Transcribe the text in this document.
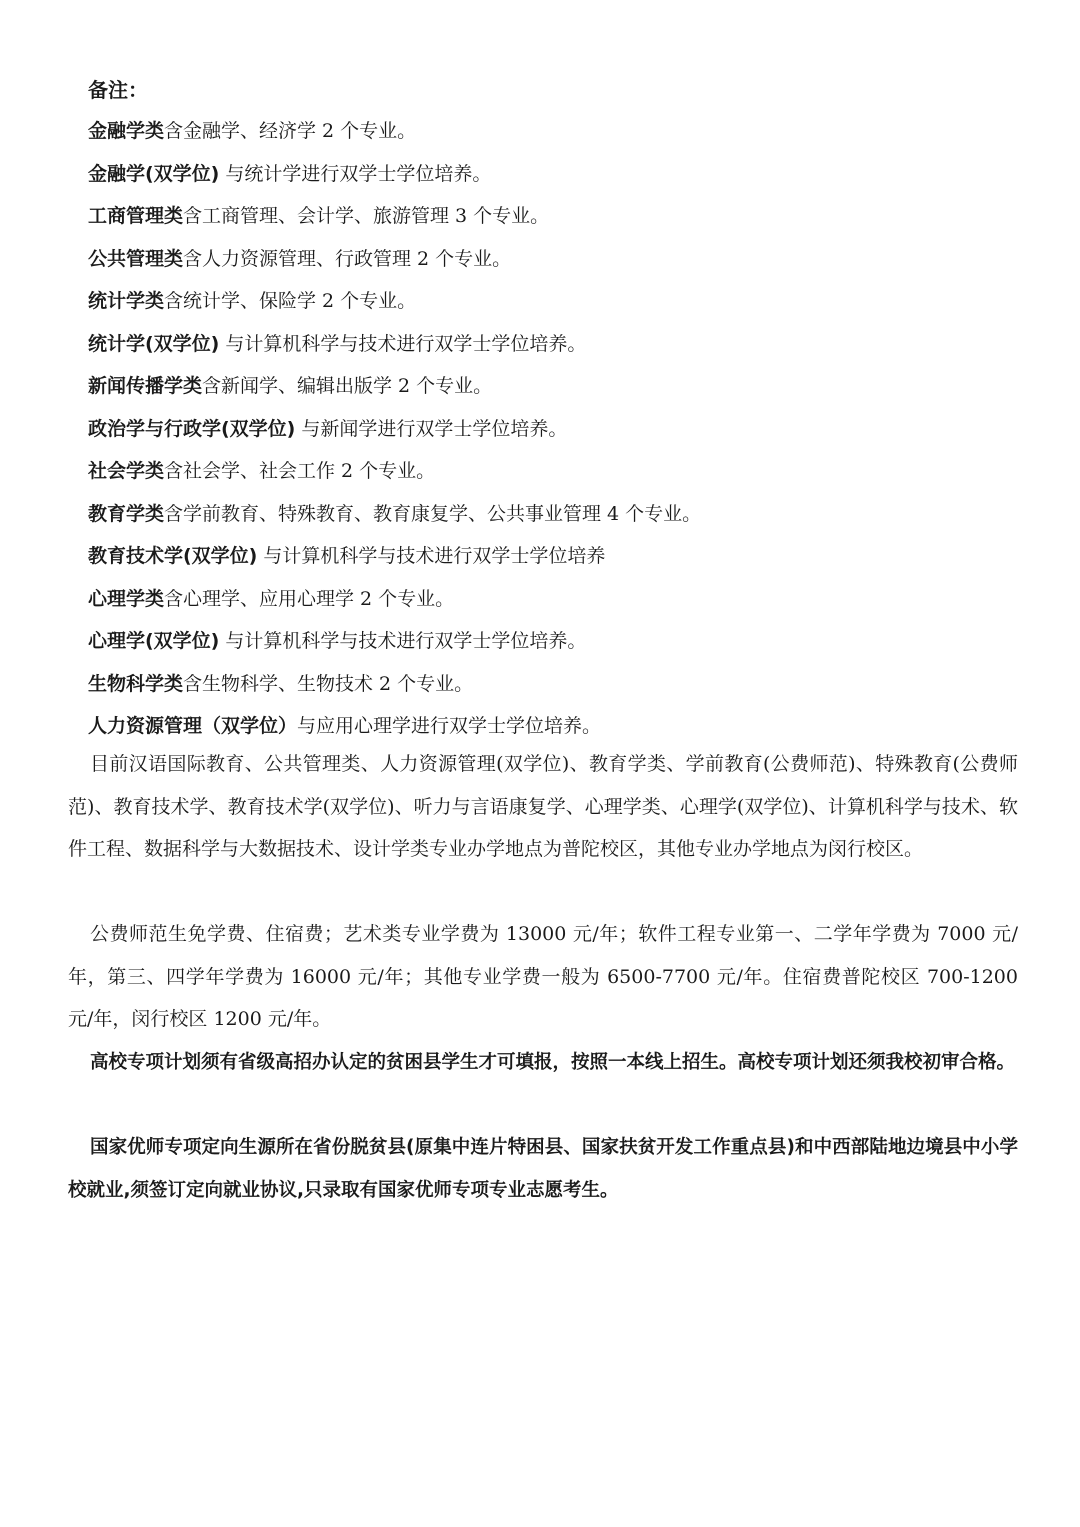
备注：
金融学类含金融学、经济学 2 个专业。
金融学(双学位) 与统计学进行双学士学位培养。
工商管理类含工商管理、会计学、旅游管理 3 个专业。
公共管理类含人力资源管理、行政管理 2 个专业。
统计学类含统计学、保险学 2 个专业。
统计学(双学位) 与计算机科学与技术进行双学士学位培养。
新闻传播学类含新闻学、编辑出版学 2 个专业。
政治学与行政学(双学位) 与新闻学进行双学士学位培养。
社会学类含社会学、社会工作 2 个专业。
教育学类含学前教育、特殊教育、教育康复学、公共事业管理 4 个专业。
教育技术学(双学位) 与计算机科学与技术进行双学士学位培养
心理学类含心理学、应用心理学 2 个专业。
心理学(双学位) 与计算机科学与技术进行双学士学位培养。
生物科学类含生物科学、生物技术 2 个专业。
人力资源管理（双学位）与应用心理学进行双学士学位培养。
目前汉语国际教育、公共管理类、人力资源管理(双学位)、教育学类、学前教育(公费师范)、特殊教育(公费师范)、教育技术学、教育技术学(双学位)、听力与言语康复学、心理学类、心理学(双学位)、计算机科学与技术、软件工程、数据科学与大数据技术、设计学类专业办学地点为普陀校区，其他专业办学地点为闵行校区。
公费师范生免学费、住宿费；艺术类专业学费为 13000 元/年；软件工程专业第一、二学年学费为 7000 元/年，第三、四学年学费为 16000 元/年；其他专业学费一般为 6500-7700 元/年。住宿费普陀校区 700-1200 元/年，闵行校区 1200 元/年。
高校专项计划须有省级高招办认定的贫困县学生才可填报，按照一本线上招生。高校专项计划还须我校初审合格。
国家优师专项定向生源所在省份脱贫县(原集中连片特困县、国家扶贫开发工作重点县)和中西部陆地边境县中小学校就业,须签订定向就业协议,只录取有国家优师专项专业志愿考生。
